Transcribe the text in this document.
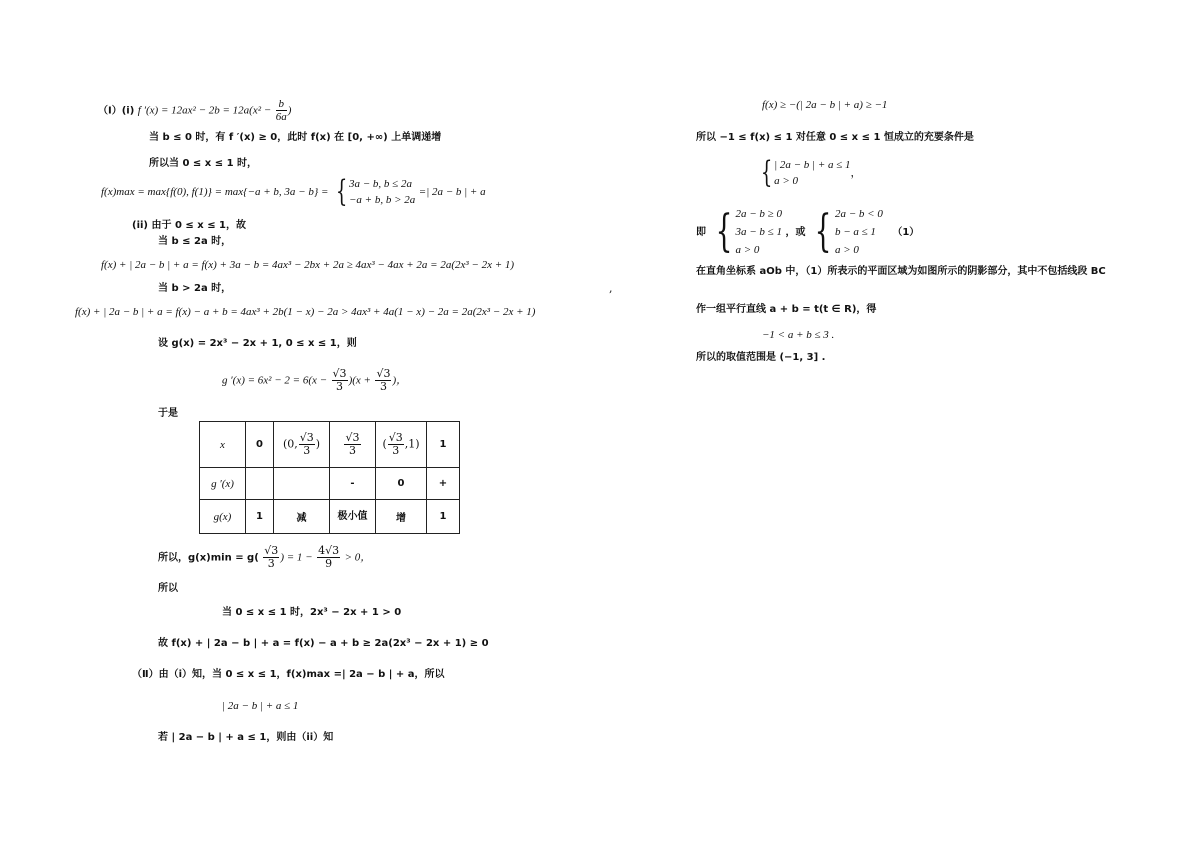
（Ⅰ）(i) f $'(x) = 12ax^2 - 2b = 12a(x^2 - \frac{b}{6a}$ )
当 b ≤ 0 时，有 f ′(x) ≥ 0，此时 f(x) 在 [0, +∞) 上单调递增
所以当 0 ≤ x ≤ 1 时，
f(x)max = max{f(0), f(1)} = max{−a + b, 3a − b} = { 3a − b, b ≤ 2a
−a + b, b > 2a
=| 2a − b | + a
(ii) 由于 0 ≤ x ≤ 1，故
当 b ≤ 2a 时，
f(x) + | 2a − b | + a = f(x) + 3a − b = 4ax³ − 2bx + 2a ≥ 4ax³ − 4ax + 2a = 2a(2x³ − 2x + 1)
当 b > 2a 时，	,
f(x) + | 2a − b | + a = f(x) − a + b = 4ax³ + 2b(1 − x) − 2a > 4ax³ + 4a(1 − x) − 2a = 2a(2x³ − 2x + 1)
设 g(x) = 2x³ − 2x + 1, 0 ≤ x ≤ 1，则
g $'(x) = 6x^2 - 2 = 6(x - \frac{√3}{3} )(x + \frac{√3}{3}$ )，
于是
x	0	(0, $\frac{√3}{3}$ )	$\frac{√3}{3}$	( $\frac{√3}{3} ,1$)	1
g ′(x)			-	0	+
g(x)	1	减	极小值	增	1
所以，$g(x)\min = g( \frac{√3}{3}$ ) = $1 - \frac{4√3}{9} > 0$，
所以
当 0 ≤ x ≤ 1 时，2x³ − 2x + 1 > 0
故 f(x) + | 2a − b | + a = f(x) − a + b ≥ 2a(2x³ − 2x + 1) ≥ 0
（Ⅱ）由（i）知，当 0 ≤ x ≤ 1，f(x)max =| 2a − b | + a，所以
| 2a − b | + a ≤ 1
若 | 2a − b | + a ≤ 1，则由（ii）知
f(x) ≥ −(| 2a − b | + a) ≥ −1
所以 −1 ≤ f(x) ≤ 1 对任意 0 ≤ x ≤ 1 恒成立的充要条件是
{ | 2a − b | + a ≤ 1
a > 0
，
即 { 2a − b ≥ 0
3a − b ≤ 1
a > 0
，或 { 2a − b < 0
b − a ≤ 1
a > 0
（1）
在直角坐标系 aOb 中，（1）所表示的平面区域为如图所示的阴影部分，其中不包括线段 BC
作一组平行直线 a + b = t(t ∈ R)，得
−1 < a + b ≤ 3 .
所以的取值范围是 (−1, 3] .
